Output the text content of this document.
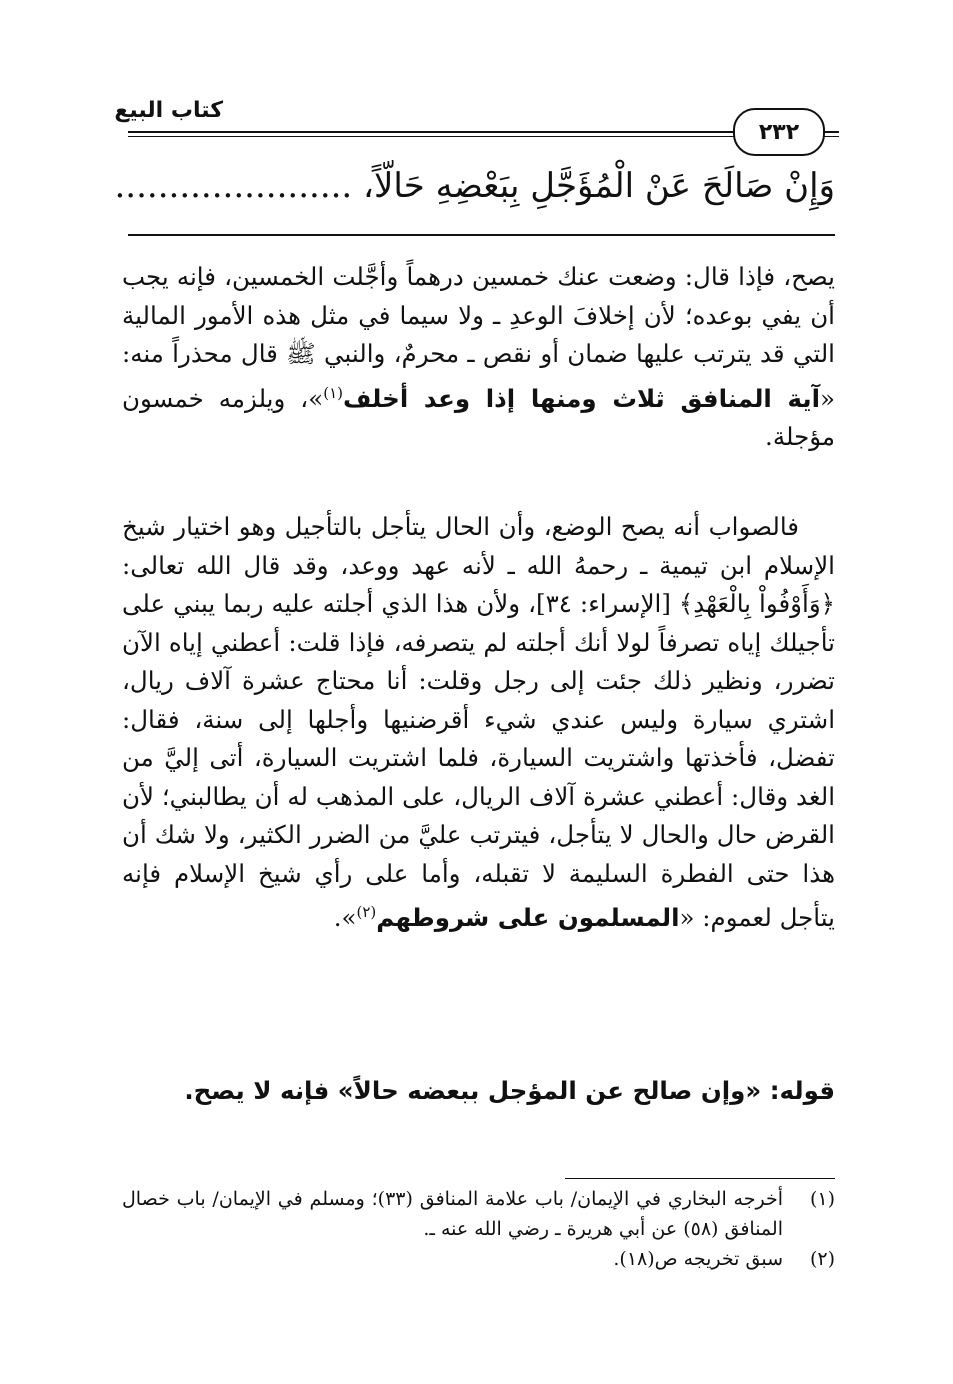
كتاب البيع
٢٣٢
وَإِنْ صَالَحَ عَنْ الْمُؤَجَّلِ بِبَعْضِهِ حَالّاً، ......................
يصح، فإذا قال: وضعت عنك خمسين درهماً وأجَّلت الخمسين، فإنه يجب أن يفي بوعده؛ لأن إخلافَ الوعدِ ـ ولا سيما في مثل هذه الأمور المالية التي قد يترتب عليها ضمان أو نقص ـ محرمٌ، والنبي ﷺ قال محذراً منه: «آية المنافق ثلاث ومنها إذا وعد أخلف$^{(١)}$»، ويلزمه خمسون مؤجلة.
فالصواب أنه يصح الوضع، وأن الحال يتأجل بالتأجيل وهو اختيار شيخ الإسلام ابن تيمية ـ رحمهُ الله ـ لأنه عهد ووعد، وقد قال الله تعالى: ﴿وَأَوْفُواْ بِالْعَهْدِ﴾ [الإسراء: ٣٤]، ولأن هذا الذي أجلته عليه ربما يبني على تأجيلك إياه تصرفاً لولا أنك أجلته لم يتصرفه، فإذا قلت: أعطني إياه الآن تضرر، ونظير ذلك جئت إلى رجل وقلت: أنا محتاج عشرة آلاف ريال، اشتري سيارة وليس عندي شيء أقرضنيها وأجلها إلى سنة، فقال: تفضل، فأخذتها واشتريت السيارة، فلما اشتريت السيارة، أتى إليَّ من الغد وقال: أعطني عشرة آلاف الريال، على المذهب له أن يطالبني؛ لأن القرض حال والحال لا يتأجل، فيترتب عليَّ من الضرر الكثير، ولا شك أن هذا حتى الفطرة السليمة لا تقبله، وأما على رأي شيخ الإسلام فإنه يتأجل لعموم: «المسلمون على شروطهم$^{(٢)}$».
قوله: «وإن صالح عن المؤجل ببعضه حالاً» فإنه لا يصح.
(١)
أخرجه البخاري في الإيمان/ باب علامة المنافق (٣٣)؛ ومسلم في الإيمان/ باب خصال المنافق (٥٨) عن أبي هريرة ـ رضي الله عنه ـ.
(٢)
سبق تخريجه ص(١٨).
